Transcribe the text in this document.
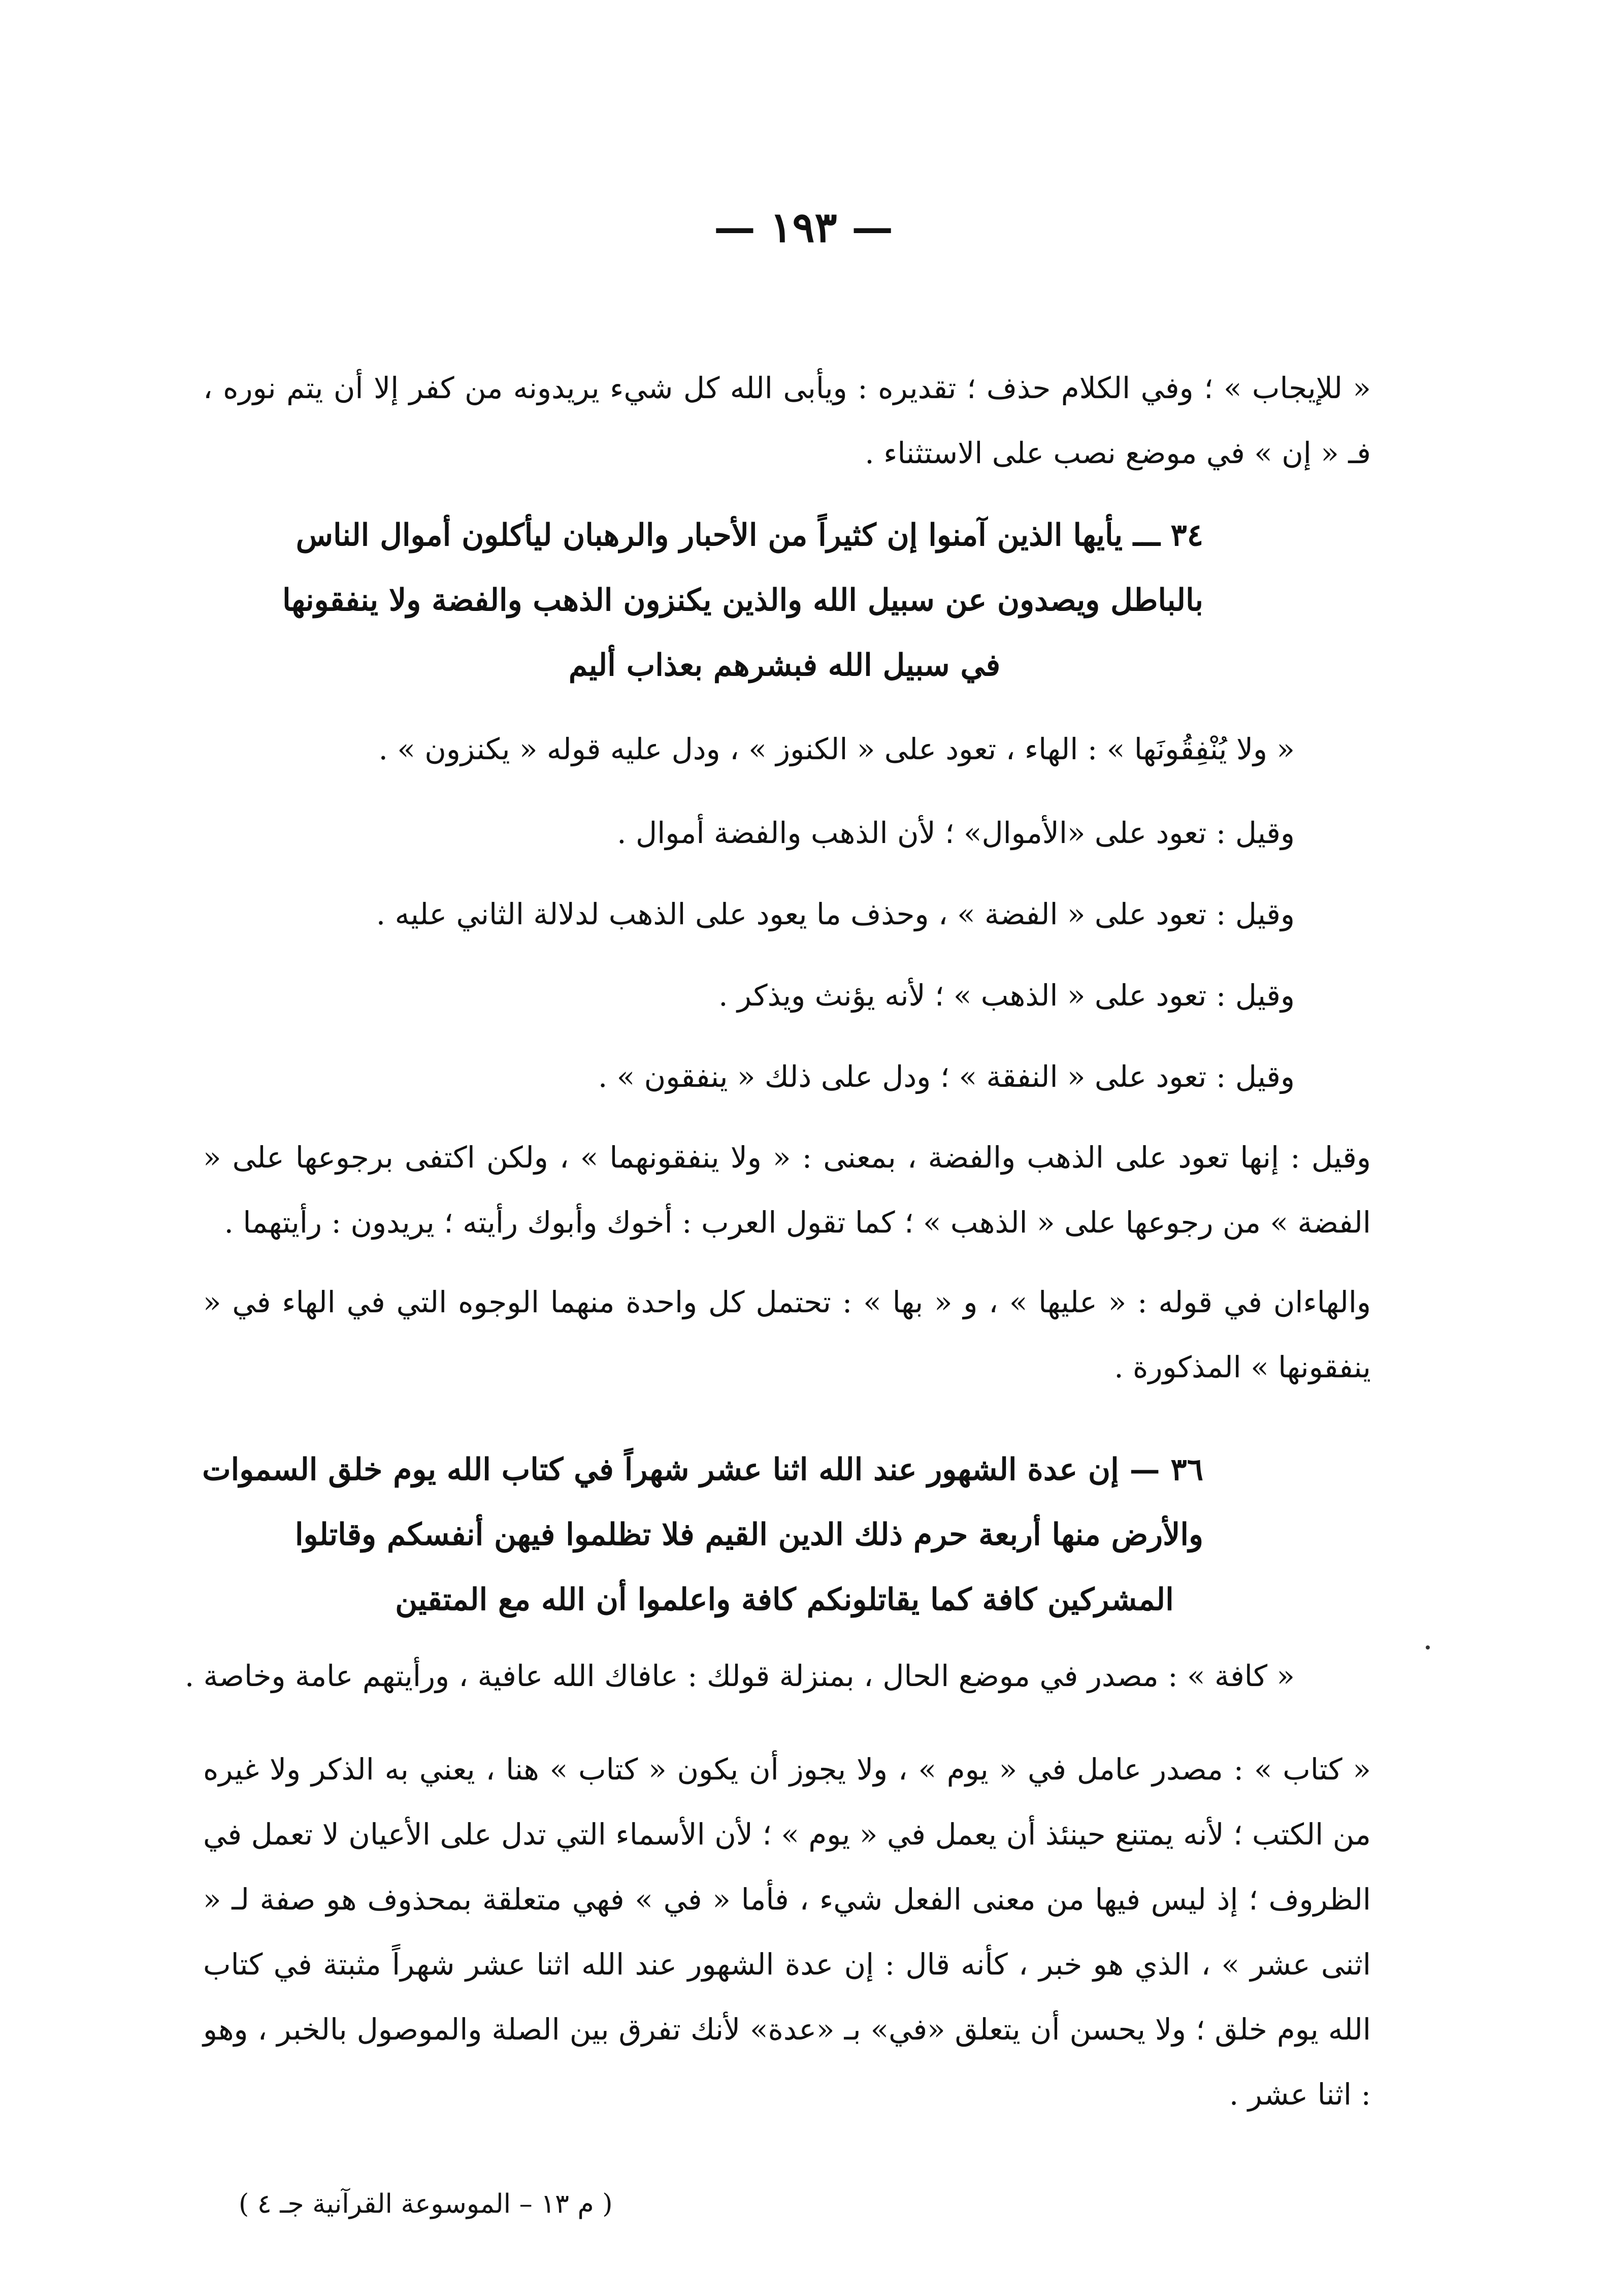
— ١٩٣ —
« للإيجاب » ؛ وفي الكلام حذف ؛ تقديره : ويأبى الله كل شيء يريدونه من كفر إلا أن يتم نوره ، فـ « إن » في موضع نصب على الاستثناء .
٣٤ ـــ يأيها الذين آمنوا إن كثيراً من الأحبار والرهبان ليأكلون أموال الناس
بالباطل ويصدون عن سبيل الله والذين يكنزون الذهب والفضة ولا ينفقونها
في سبيل الله فبشرهم بعذاب أليم
« ولا يُنْفِقُونَها » : الهاء ، تعود على « الكنوز » ، ودل عليه قوله « يكنزون » .
وقيل : تعود على «الأموال» ؛ لأن الذهب والفضة أموال .
وقيل : تعود على « الفضة » ، وحذف ما يعود على الذهب لدلالة الثاني عليه .
وقيل : تعود على « الذهب » ؛ لأنه يؤنث ويذكر .
وقيل : تعود على « النفقة » ؛ ودل على ذلك « ينفقون » .
وقيل : إنها تعود على الذهب والفضة ، بمعنى : « ولا ينفقونهما » ، ولكن اكتفى برجوعها على « الفضة » من رجوعها على « الذهب » ؛ كما تقول العرب : أخوك وأبوك رأيته ؛ يريدون : رأيتهما .
والهاءان في قوله : « عليها » ، و « بها » : تحتمل كل واحدة منهما الوجوه التي في الهاء في « ينفقونها » المذكورة .
٣٦ — إن عدة الشهور عند الله اثنا عشر شهراً في كتاب الله يوم خلق السموات
والأرض منها أربعة حرم ذلك الدين القيم فلا تظلموا فيهن أنفسكم وقاتلوا
المشركين كافة كما يقاتلونكم كافة واعلموا أن الله مع المتقين
« كافة » : مصدر في موضع الحال ، بمنزلة قولك : عافاك الله عافية ، ورأيتهم عامة وخاصة .
« كتاب » : مصدر عامل في « يوم » ، ولا يجوز أن يكون « كتاب » هنا ، يعني به الذكر ولا غيره من الكتب ؛ لأنه يمتنع حينئذ أن يعمل في « يوم » ؛ لأن الأسماء التي تدل على الأعيان لا تعمل في الظروف ؛ إذ ليس فيها من معنى الفعل شيء ، فأما « في » فهي متعلقة بمحذوف هو صفة لـ « اثنى عشر » ، الذي هو خبر ، كأنه قال : إن عدة الشهور عند الله اثنا عشر شهراً مثبتة في كتاب الله يوم خلق ؛ ولا يحسن أن يتعلق «في» بـ «عدة» لأنك تفرق بين الصلة والموصول بالخبر ، وهو : اثنا عشر .
( م ١٣ – الموسوعة القرآنية جـ ٤ )
